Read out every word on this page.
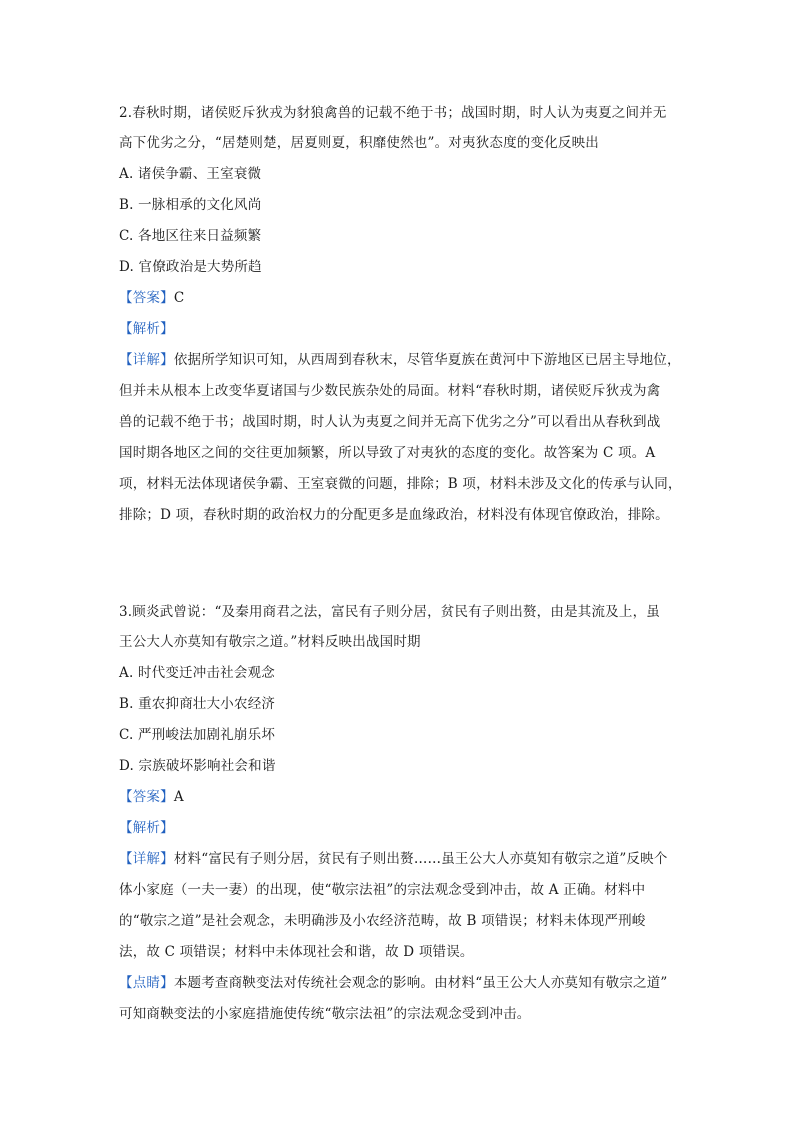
2.春秋时期，诸侯贬斥狄戎为豺狼禽兽的记载不绝于书；战国时期，时人认为夷夏之间并无
高下优劣之分，“居楚则楚，居夏则夏，积靡使然也”。对夷狄态度的变化反映出
A. 诸侯争霸、王室衰微
B. 一脉相承的文化风尚
C. 各地区往来日益频繁
D. 官僚政治是大势所趋
【答案】C
【解析】
【详解】依据所学知识可知，从西周到春秋末，尽管华夏族在黄河中下游地区已居主导地位，
但并未从根本上改变华夏诸国与少数民族杂处的局面。材料“春秋时期，诸侯贬斥狄戎为禽
兽的记载不绝于书；战国时期，时人认为夷夏之间并无高下优劣之分”可以看出从春秋到战
国时期各地区之间的交往更加频繁，所以导致了对夷狄的态度的变化。故答案为 C 项。A
项，材料无法体现诸侯争霸、王室衰微的问题，排除；B 项，材料未涉及文化的传承与认同，
排除；D 项，春秋时期的政治权力的分配更多是血缘政治，材料没有体现官僚政治，排除。
3.顾炎武曾说：“及秦用商君之法，富民有子则分居，贫民有子则出赘，由是其流及上，虽
王公大人亦莫知有敬宗之道。”材料反映出战国时期
A. 时代变迁冲击社会观念
B. 重农抑商壮大小农经济
C. 严刑峻法加剧礼崩乐坏
D. 宗族破坏影响社会和谐
【答案】A
【解析】
【详解】材料“富民有子则分居，贫民有子则出赘……虽王公大人亦莫知有敬宗之道”反映个
体小家庭（一夫一妻）的出现，使“敬宗法祖”的宗法观念受到冲击，故 A 正确。材料中
的“敬宗之道”是社会观念，未明确涉及小农经济范畴，故 B 项错误；材料未体现严刑峻
法，故 C 项错误；材料中未体现社会和谐，故 D 项错误。
【点睛】本题考查商鞅变法对传统社会观念的影响。由材料“虽王公大人亦莫知有敬宗之道”
可知商鞅变法的小家庭措施使传统“敬宗法祖”的宗法观念受到冲击。
